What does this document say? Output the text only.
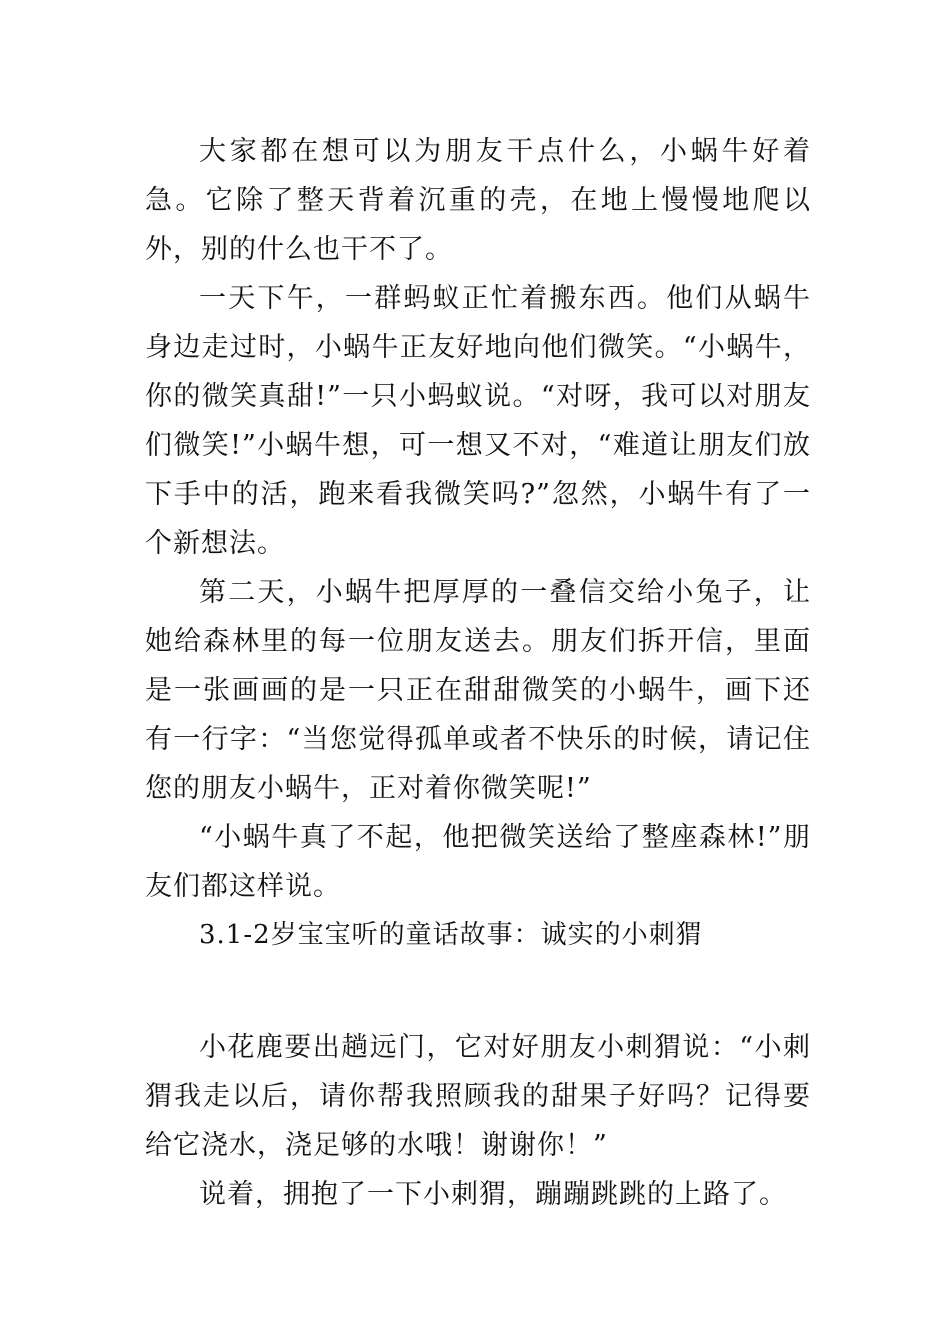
大家都在想可以为朋友干点什么，小蜗牛好着急。它除了整天背着沉重的壳，在地上慢慢地爬以外，别的什么也干不了。

一天下午，一群蚂蚁正忙着搬东西。他们从蜗牛身边走过时，小蜗牛正友好地向他们微笑。“小蜗牛，你的微笑真甜!”一只小蚂蚁说。“对呀，我可以对朋友们微笑!”小蜗牛想，可一想又不对，“难道让朋友们放下手中的活，跑来看我微笑吗?”忽然，小蜗牛有了一个新想法。

第二天，小蜗牛把厚厚的一叠信交给小兔子，让她给森林里的每一位朋友送去。朋友们拆开信，里面是一张画画的是一只正在甜甜微笑的小蜗牛，画下还有一行字：“当您觉得孤单或者不快乐的时候，请记住您的朋友小蜗牛，正对着你微笑呢!”

“小蜗牛真了不起，他把微笑送给了整座森林!”朋友们都这样说。

3.1-2岁宝宝听的童话故事：诚实的小刺猬

小花鹿要出趟远门，它对好朋友小刺猬说：“小刺猬我走以后，请你帮我照顾我的甜果子好吗？记得要给它浇水，浇足够的水哦！谢谢你！”

说着，拥抱了一下小刺猬，蹦蹦跳跳的上路了。
